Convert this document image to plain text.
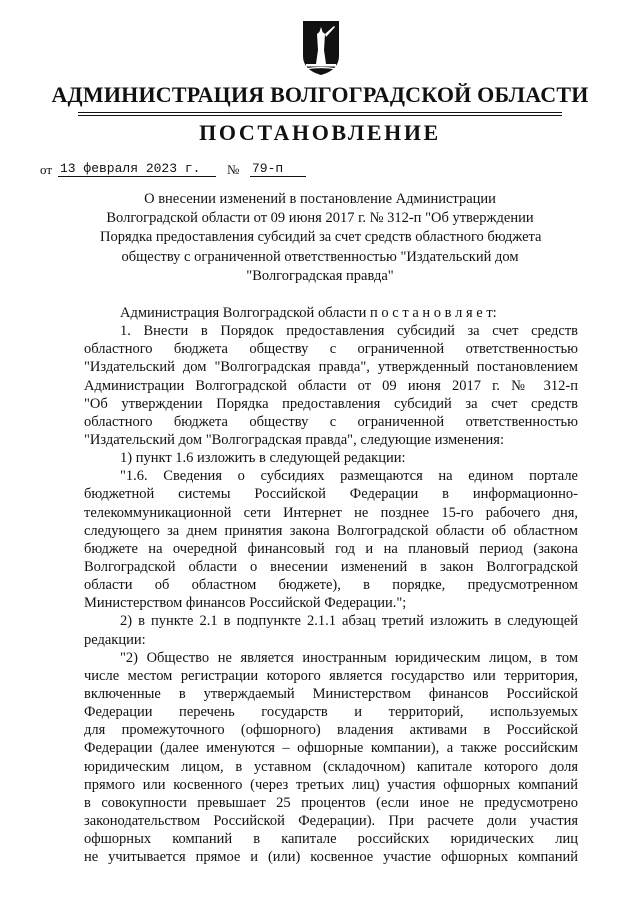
АДМИНИСТРАЦИЯ ВОЛГОГРАДСКОЙ ОБЛАСТИ
ПОСТАНОВЛЕНИЕ
от 13 февраля 2023 г.	№ 79-п
О внесении изменений в постановление Администрации
Волгоградской области от 09 июня 2017 г. № 312-п "Об утверждении
Порядка предоставления субсидий за счет средств областного бюджета
обществу с ограниченной ответственностью "Издательский дом
"Волгоградская правда"
Администрация Волгоградской области п о с т а н о в л я е т:
1. Внести в Порядок предоставления субсидий за счет средств
областного бюджета обществу с ограниченной ответственностью
"Издательский дом "Волгоградская правда", утвержденный постановлением
Администрации Волгоградской области от 09 июня 2017 г. № 312-п
"Об утверждении Порядка предоставления субсидий за счет средств
областного бюджета обществу с ограниченной ответственностью
"Издательский дом "Волгоградская правда", следующие изменения:
1) пункт 1.6 изложить в следующей редакции:
"1.6. Сведения о субсидиях размещаются на едином портале
бюджетной системы Российской Федерации в информационно-
телекоммуникационной сети Интернет не позднее 15-го рабочего дня,
следующего за днем принятия закона Волгоградской области об областном
бюджете на очередной финансовый год и на плановый период (закона
Волгоградской области о внесении изменений в закон Волгоградской
области об областном бюджете), в порядке, предусмотренном
Министерством финансов Российской Федерации.";
2) в пункте 2.1 в подпункте 2.1.1 абзац третий изложить в следующей
редакции:
"2) Общество не является иностранным юридическим лицом, в том
числе местом регистрации которого является государство или территория,
включенные в утверждаемый Министерством финансов Российской
Федерации перечень государств и территорий, используемых
для промежуточного (офшорного) владения активами в Российской
Федерации (далее именуются – офшорные компании), а также российским
юридическим лицом, в уставном (складочном) капитале которого доля
прямого или косвенного (через третьих лиц) участия офшорных компаний
в совокупности превышает 25 процентов (если иное не предусмотрено
законодательством Российской Федерации). При расчете доли участия
офшорных компаний в капитале российских юридических лиц
не учитывается прямое и (или) косвенное участие офшорных компаний
